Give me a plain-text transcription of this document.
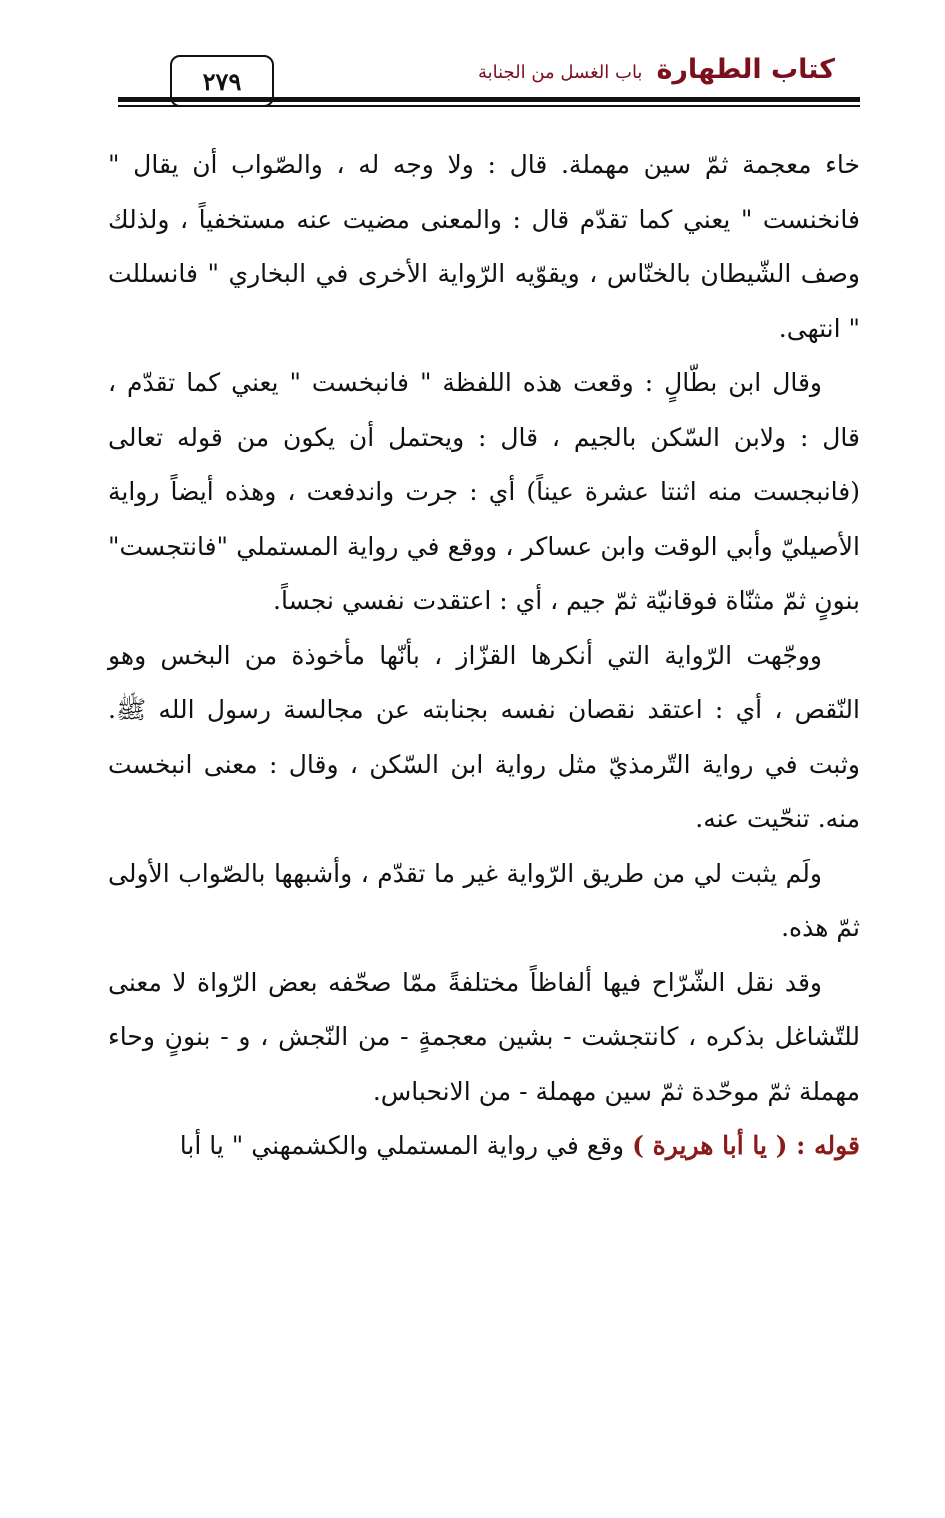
٢٧٩	كتاب الطهارة
باب الغسل من الجنابة

خاء معجمة ثمّ سين مهملة. قال : ولا وجه له ، والصّواب أن يقال " فانخنست " يعني كما تقدّم قال : والمعنى مضيت عنه مستخفياً ، ولذلك وصف الشّيطان بالخنّاس ، ويقوّيه الرّواية الأخرى في البخاري " فانسللت " انتهى.

وقال ابن بطّالٍ : وقعت هذه اللفظة " فانبخست " يعني كما تقدّم ، قال : ولابن السّكن بالجيم ، قال : ويحتمل أن يكون من قوله تعالى (فانبجست منه اثنتا عشرة عيناً) أي : جرت واندفعت ، وهذه أيضاً رواية الأصيليّ وأبي الوقت وابن عساكر ، ووقع في رواية المستملي "فانتجست" بنونٍ ثمّ مثنّاة فوقانيّة ثمّ جيم ، أي : اعتقدت نفسي نجساً.

ووجّهت الرّواية التي أنكرها القزّاز ، بأنّها مأخوذة من البخس وهو النّقص ، أي : اعتقد نقصان نفسه بجنابته عن مجالسة رسول الله ﷺ. وثبت في رواية التّرمذيّ مثل رواية ابن السّكن ، وقال : معنى انبخست منه. تنحّيت عنه.

ولَم يثبت لي من طريق الرّواية غير ما تقدّم ، وأشبهها بالصّواب الأولى ثمّ هذه.

وقد نقل الشّرّاح فيها ألفاظاً مختلفةً ممّا صحّفه بعض الرّواة لا معنى للتّشاغل بذكره ، كانتجشت - بشين معجمةٍ - من النّجش ، و - بنونٍ وحاء مهملة ثمّ موحّدة ثمّ سين مهملة - من الانحباس.

قوله : ( يا أبا هريرة ) وقع في رواية المستملي والكشمهني " يا أبا
